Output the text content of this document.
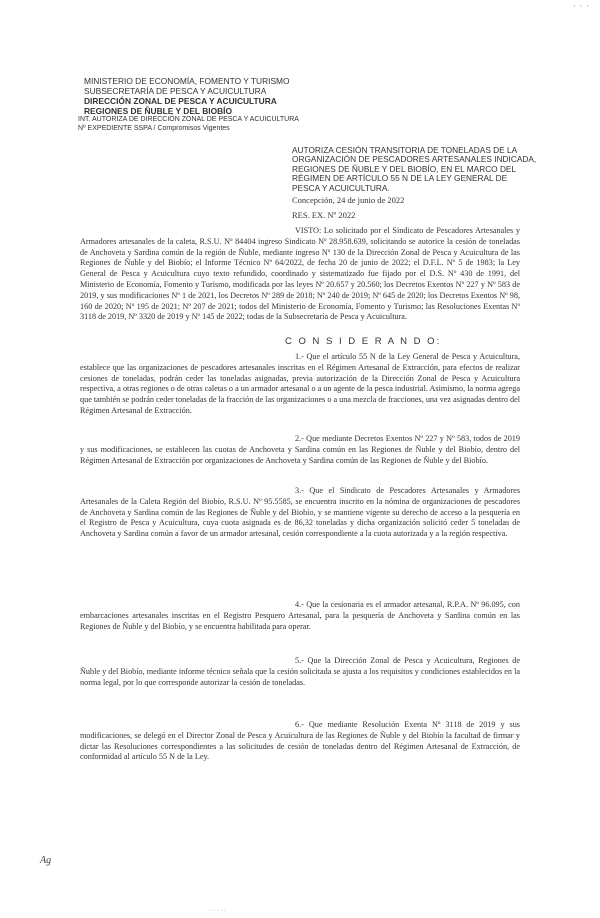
· · ·
MINISTERIO DE ECONOMÍA, FOMENTO Y TURISMO
SUBSECRETARÍA DE PESCA Y ACUICULTURA
DIRECCIÓN ZONAL DE PESCA Y ACUICULTURA
REGIONES DE ÑUBLE Y DEL BIOBÍO
INT. AUTORIZA DE DIRECCIÓN ZONAL DE PESCA Y ACUICULTURA
Nº EXPEDIENTE SSPA / Compromisos Vigentes
AUTORIZA CESIÓN TRANSITORIA DE TONELADAS DE LA ORGANIZACIÓN DE PESCADORES ARTESANALES INDICADA, REGIONES DE ÑUBLE Y DEL BIOBÍO, EN EL MARCO DEL RÉGIMEN DE ARTÍCULO 55 N DE LA LEY GENERAL DE PESCA Y ACUICULTURA.
Concepción, 24 de junio de 2022
RES. EX. Nº 2022
VISTO: Lo solicitado por el Sindicato de Pescadores Artesanales y Armadores artesanales de la caleta, R.S.U. Nº 84404 ingreso Sindicato Nº 28.958.639, solicitando se autorice la cesión de toneladas de Anchoveta y Sardina común de la región de Ñuble, mediante ingreso Nº 130 de la Dirección Zonal de Pesca y Acuicultura de las Regiones de Ñuble y del Biobío; el Informe Técnico Nº 64/2022, de fecha 20 de junio de 2022; el D.F.L. Nº 5 de 1983; la Ley General de Pesca y Acuicultura cuyo texto refundido, coordinado y sistematizado fue fijado por el D.S. Nº 430 de 1991, del Ministerio de Economía, Fomento y Turismo, modificada por las leyes Nº 20.657 y 20.560; los Decretos Exentos Nº 227 y Nº 583 de 2019, y sus modificaciones Nº 1 de 2021, los Decretos Nº 289 de 2018; Nº 240 de 2019; Nº 645 de 2020; los Decretos Exentos Nº 98, 160 de 2020; Nº 195 de 2021; Nº 207 de 2021; todos del Ministerio de Economía, Fomento y Turismo; las Resoluciones Exentas Nº 3118 de 2019, Nº 3320 de 2019 y Nº 145 de 2022; todas de la Subsecretaría de Pesca y Acuicultura.
C O N S I D E R A N D O:
1.- Que el artículo 55 N de la Ley General de Pesca y Acuicultura, establece que las organizaciones de pescadores artesanales inscritas en el Régimen Artesanal de Extracción, para efectos de realizar cesiones de toneladas, podrán ceder las toneladas asignadas, previa autorización de la Dirección Zonal de Pesca y Acuicultura respectiva, a otras regiones o de otras caletas o a un armador artesanal o a un agente de la pesca industrial. Asimismo, la norma agrega que también se podrán ceder toneladas de la fracción de las organizaciones o a una mezcla de fracciones, una vez asignadas dentro del Régimen Artesanal de Extracción.
2.- Que mediante Decretos Exentos Nº 227 y Nº 583, todos de 2019 y sus modificaciones, se establecen las cuotas de Anchoveta y Sardina común en las Regiones de Ñuble y del Biobío, dentro del Régimen Artesanal de Extracción por organizaciones de Anchoveta y Sardina común de las Regiones de Ñuble y del Biobío.
3.- Que el Sindicato de Pescadores Artesanales y Armadores Artesanales de la Caleta Región del Biobío, R.S.U. Nº 95.5585, se encuentra inscrito en la nómina de organizaciones de pescadores de Anchoveta y Sardina común de las Regiones de Ñuble y del Biobío, y se mantiene vigente su derecho de acceso a la pesquería en el Registro de Pesca y Acuicultura, cuya cuota asignada es de 86,32 toneladas y dicha organización solicitó ceder 5 toneladas de Anchoveta y Sardina común a favor de un armador artesanal, cesión correspondiente a la cuota autorizada y a la región respectiva.
4.- Que la cesionaria es el armador artesanal, R.P.A. Nº 96.095, con embarcaciones artesanales inscritas en el Registro Pesquero Artesanal, para la pesquería de Anchoveta y Sardina común en las Regiones de Ñuble y del Biobío, y se encuentra habilitada para operar.
5.- Que la Dirección Zonal de Pesca y Acuicultura, Regiones de Ñuble y del Biobío, mediante informe técnico señala que la cesión solicitada se ajusta a los requisitos y condiciones establecidos en la norma legal, por lo que corresponde autorizar la cesión de toneladas.
6.- Que mediante Resolución Exenta Nº 3118 de 2019 y sus modificaciones, se delegó en el Director Zonal de Pesca y Acuicultura de las Regiones de Ñuble y del Biobío la facultad de firmar y dictar las Resoluciones correspondientes a las solicitudes de cesión de toneladas dentro del Régimen Artesanal de Extracción, de conformidad al artículo 55 N de la Ley.
Ag
· · · · ·
